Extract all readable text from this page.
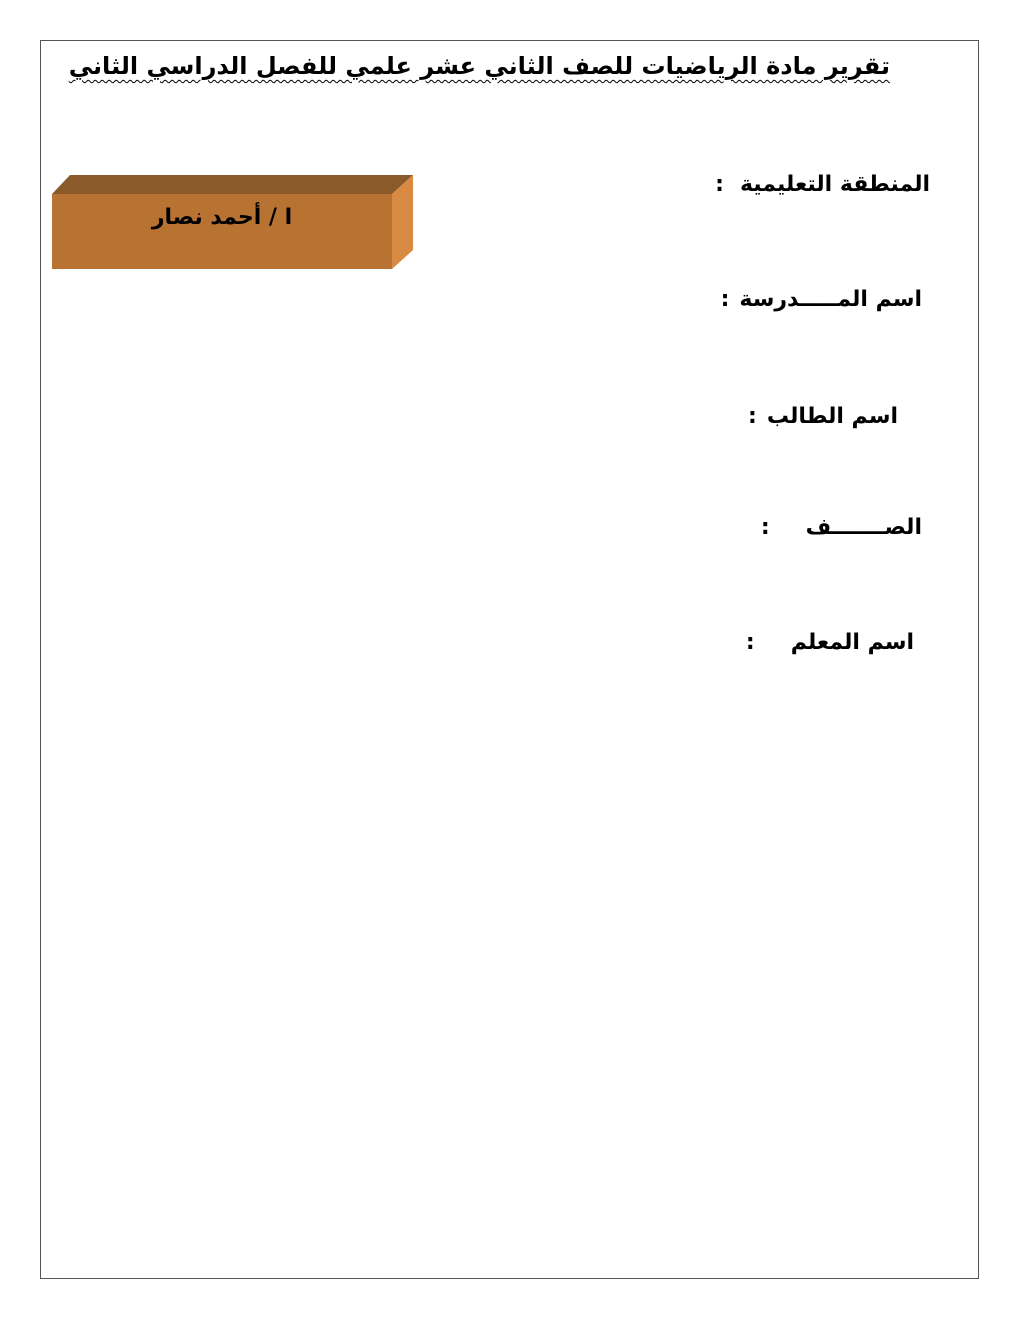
تقرير مادة الرياضيات للصف الثاني عشر علمي للفصل الدراسي الثاني
المنطقة التعليمية:
اسم المـــــدرسة:
اسم الطالب:
الصـــــــف:
اسم المعلم:
ا / أحمد نصار
